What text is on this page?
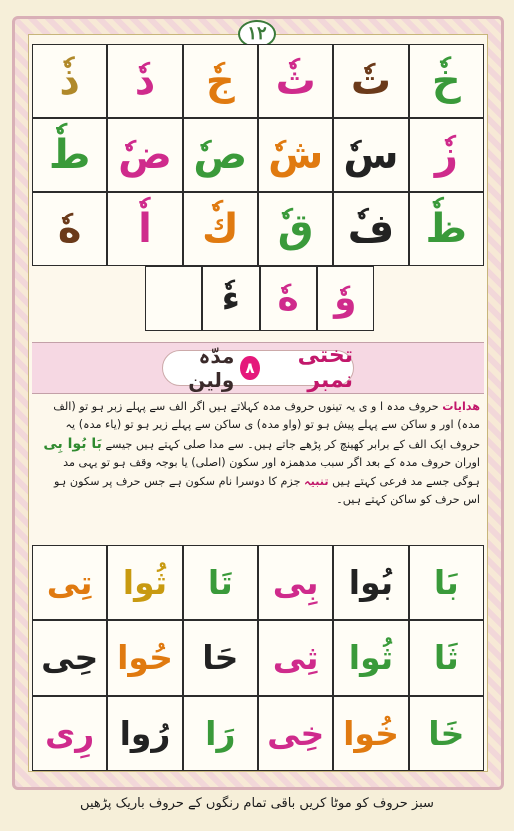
۱۲
ذٗ دٗ جٗ ثٗ تٗ خٗ
طٗ ضٗ صٗ شٗ سٗ زٗ
هٗ اٗ كٗ قٗ فٗ ظٗ
ءٗ هٗ وٗ
تختی نمبر
۸
مدّہ ولین
ھدایات حروف مدہ ا و ی یہ تینوں حروف مدہ کہلاتے ہیں اگر الف سے پہلے زبر ہو تو (الف مدہ) اور و ساکن سے پہلے پیش ہو تو (واو مدہ) ی ساکن سے پہلے زیر ہو تو (یاء مدہ) یہ حروف ایک الف کے برابر کھینچ کر پڑھے جاتے ہیں۔ سے مدا صلی کہتے ہیں جیسے بَا بُوا بِی اوران حروف مدہ کے بعد اگر سبب مدھمزہ اور سکون (اصلی) یا بوجہ وقف ہو تو یہی مد ہوگی جسے مد فرعی کہتے ہیں تنبیہ جزم کا دوسرا نام سکون ہے جس حرف پر سکون ہو اس حرف کو ساکن کہتے ہیں۔
تِی ثُوا تَا بِی بُوا بَا
حِی حُوا حَا ثِی ثُوا ثَا
رِی رُوا رَا خِی خُوا خَا
سبز حروف کو موٹا کریں باقی تمام رنگوں کے حروف باریک پڑھیں
